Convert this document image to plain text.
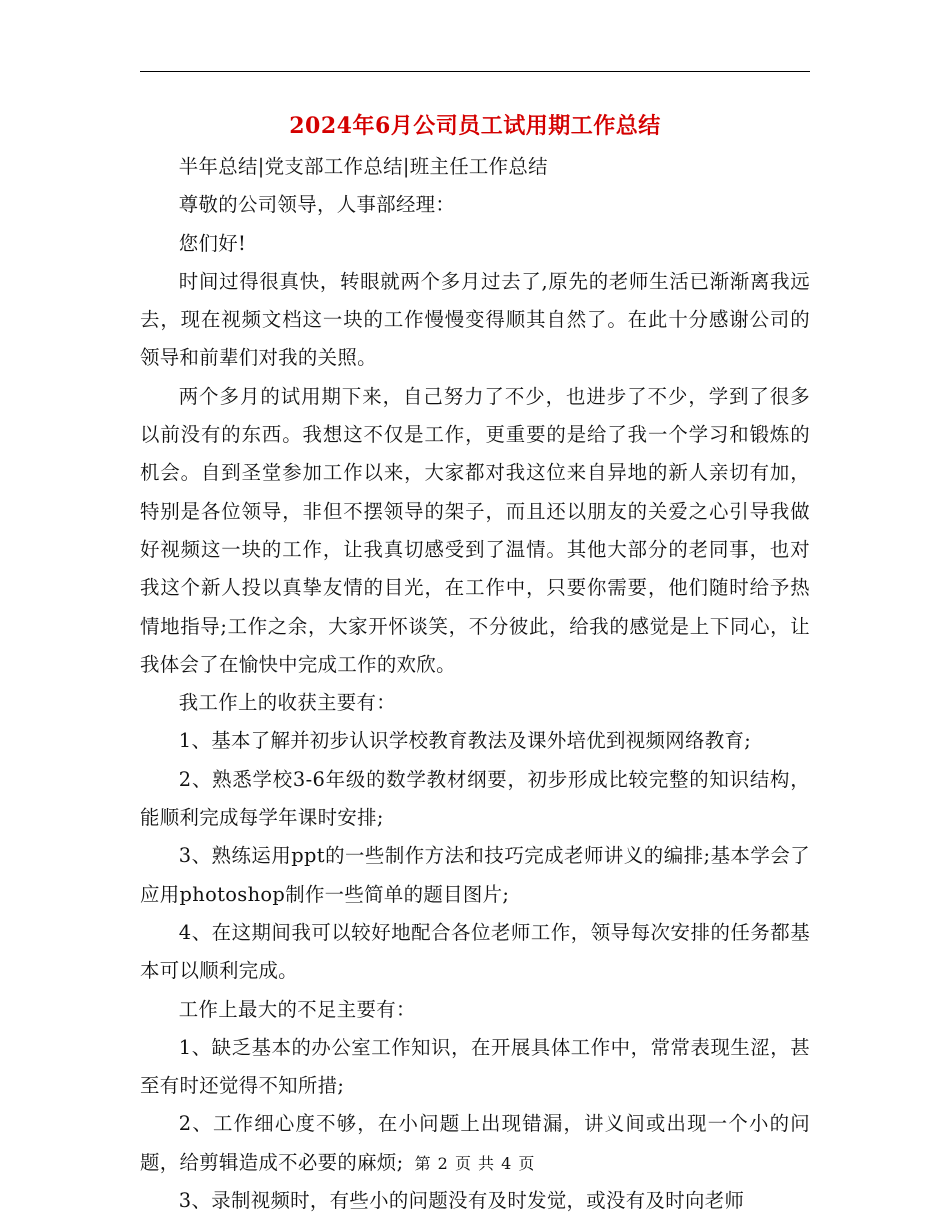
2024年6月公司员工试用期工作总结

半年总结|党支部工作总结|班主任工作总结

尊敬的公司领导，人事部经理：

您们好!

时间过得很真快，转眼就两个多月过去了,原先的老师生活已渐渐离我远去，现在视频文档这一块的工作慢慢变得顺其自然了。在此十分感谢公司的领导和前辈们对我的关照。

两个多月的试用期下来，自己努力了不少，也进步了不少，学到了很多以前没有的东西。我想这不仅是工作，更重要的是给了我一个学习和锻炼的机会。自到圣堂参加工作以来，大家都对我这位来自异地的新人亲切有加，特别是各位领导，非但不摆领导的架子，而且还以朋友的关爱之心引导我做好视频这一块的工作，让我真切感受到了温情。其他大部分的老同事，也对我这个新人投以真挚友情的目光，在工作中，只要你需要，他们随时给予热情地指导;工作之余，大家开怀谈笑，不分彼此，给我的感觉是上下同心，让我体会了在愉快中完成工作的欢欣。

我工作上的收获主要有：

1、基本了解并初步认识学校教育教法及课外培优到视频网络教育;

2、熟悉学校3-6年级的数学教材纲要，初步形成比较完整的知识结构，能顺利完成每学年课时安排;

3、熟练运用ppt的一些制作方法和技巧完成老师讲义的编排;基本学会了应用photoshop制作一些简单的题目图片;

4、在这期间我可以较好地配合各位老师工作，领导每次安排的任务都基本可以顺利完成。

工作上最大的不足主要有：

1、缺乏基本的办公室工作知识，在开展具体工作中，常常表现生涩，甚至有时还觉得不知所措;

2、工作细心度不够，在小问题上出现错漏，讲义间或出现一个小的问题，给剪辑造成不必要的麻烦;

3、录制视频时，有些小的问题没有及时发觉，或没有及时向老师

第 2 页 共 4 页
